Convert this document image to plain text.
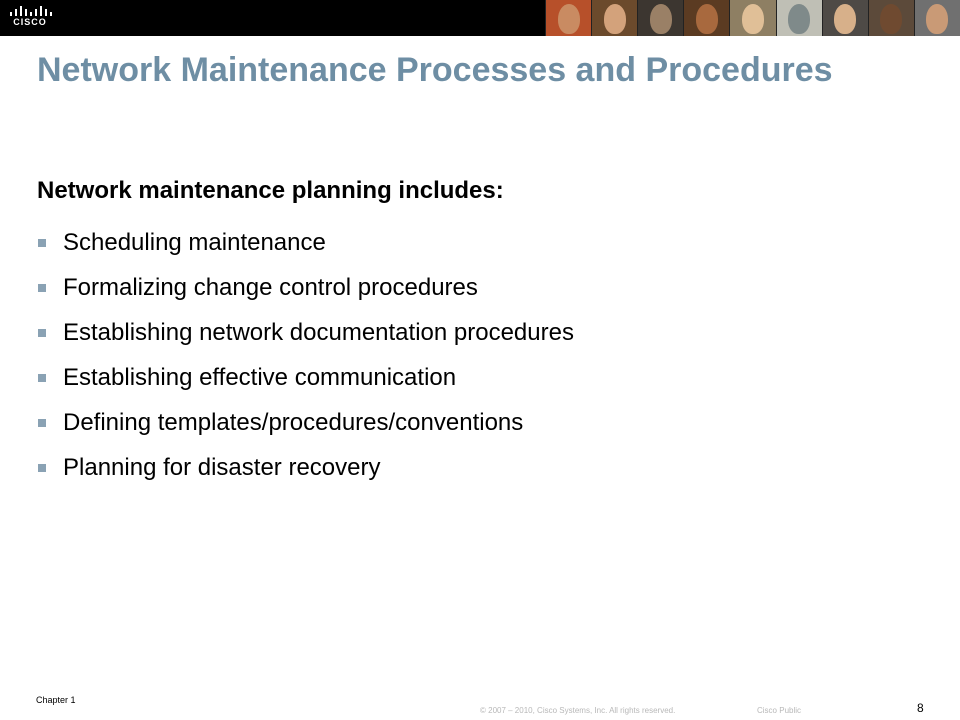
CISCO
Network Maintenance Processes and Procedures

Network maintenance planning includes:

Scheduling maintenance
Formalizing change control procedures
Establishing network documentation procedures
Establishing effective communication
Defining templates/procedures/conventions
Planning for disaster recovery
Chapter 1
© 2007 – 2010, Cisco Systems, Inc. All rights reserved.	Cisco Public	8
